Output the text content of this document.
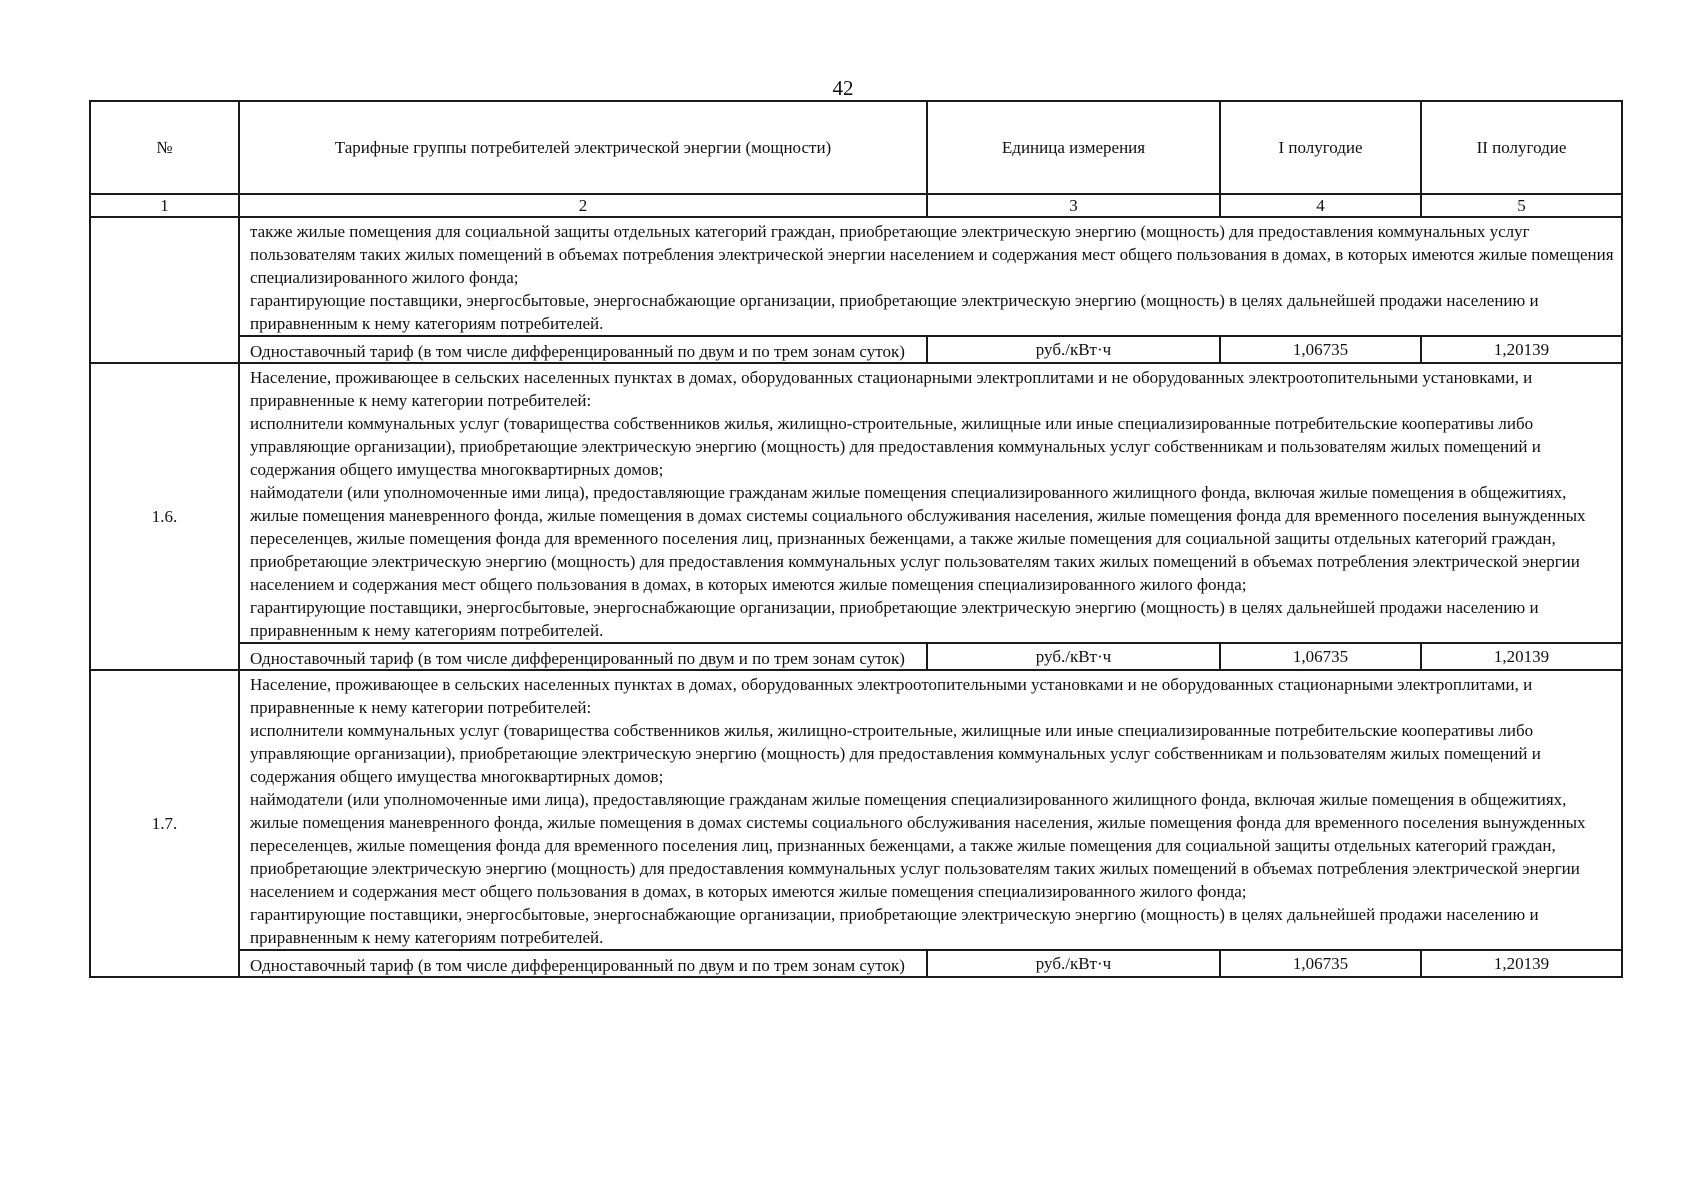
42
№	Тарифные группы потребителей электрической энергии (мощности)	Единица измерения	I полугодие	II полугодие
1	2	3	4	5

	также жилые помещения для социальной защиты отдельных категорий граждан, приобретающие электрическую энергию (мощность) для предоставления коммунальных услуг пользователям таких жилых помещений в объемах потребления электрической энергии населением и содержания мест общего пользования в домах, в которых имеются жилые помещения специализированного жилого фонда;

гарантирующие поставщики, энергосбытовые, энергоснабжающие организации, приобретающие электрическую энергию (мощность) в целях дальнейшей продажи населению и приравненным к нему категориям потребителей.			

	Одноставочный тариф (в том числе дифференцированный по двум и по трем зонам суток)	руб./кВт·ч	1,06735	1,20139
1.6.	Население, проживающее в сельских населенных пунктах в домах, оборудованных стационарными электроплитами и не оборудованных электроотопительными установками, и приравненные к нему категории потребителей:

исполнители коммунальных услуг (товарищества собственников жилья, жилищно-строительные, жилищные или иные специализированные потребительские кооперативы либо управляющие организации), приобретающие электрическую энергию (мощность) для предоставления коммунальных услуг собственникам и пользователям жилых помещений и содержания общего имущества многоквартирных домов;

наймодатели (или уполномоченные ими лица), предоставляющие гражданам жилые помещения специализированного жилищного фонда, включая жилые помещения в общежитиях, жилые помещения маневренного фонда, жилые помещения в домах системы социального обслуживания населения, жилые помещения фонда для временного поселения вынужденных переселенцев, жилые помещения фонда для временного поселения лиц, признанных беженцами, а также жилые помещения для социальной защиты отдельных категорий граждан, приобретающие электрическую энергию (мощность) для предоставления коммунальных услуг пользователям таких жилых помещений в объемах потребления электрической энергии населением и содержания мест общего пользования в домах, в которых имеются жилые помещения специализированного жилого фонда;

гарантирующие поставщики, энергосбытовые, энергоснабжающие организации, приобретающие электрическую энергию (мощность) в целях дальнейшей продажи населению и приравненным к нему категориям потребителей.			

	Одноставочный тариф (в том числе дифференцированный по двум и по трем зонам суток)	руб./кВт·ч	1,06735	1,20139
1.7.	Население, проживающее в сельских населенных пунктах в домах, оборудованных электроотопительными установками и не оборудованных стационарными электроплитами, и приравненные к нему категории потребителей:

исполнители коммунальных услуг (товарищества собственников жилья, жилищно-строительные, жилищные или иные специализированные потребительские кооперативы либо управляющие организации), приобретающие электрическую энергию (мощность) для предоставления коммунальных услуг собственникам и пользователям жилых помещений и содержания общего имущества многоквартирных домов;

наймодатели (или уполномоченные ими лица), предоставляющие гражданам жилые помещения специализированного жилищного фонда, включая жилые помещения в общежитиях, жилые помещения маневренного фонда, жилые помещения в домах системы социального обслуживания населения, жилые помещения фонда для временного поселения вынужденных переселенцев, жилые помещения фонда для временного поселения лиц, признанных беженцами, а также жилые помещения для социальной защиты отдельных категорий граждан, приобретающие электрическую энергию (мощность) для предоставления коммунальных услуг пользователям таких жилых помещений в объемах потребления электрической энергии населением и содержания мест общего пользования в домах, в которых имеются жилые помещения специализированного жилого фонда;

гарантирующие поставщики, энергосбытовые, энергоснабжающие организации, приобретающие электрическую энергию (мощность) в целях дальнейшей продажи населению и приравненным к нему категориям потребителей.			

	Одноставочный тариф (в том числе дифференцированный по двум и по трем зонам суток)	руб./кВт·ч	1,06735	1,20139
